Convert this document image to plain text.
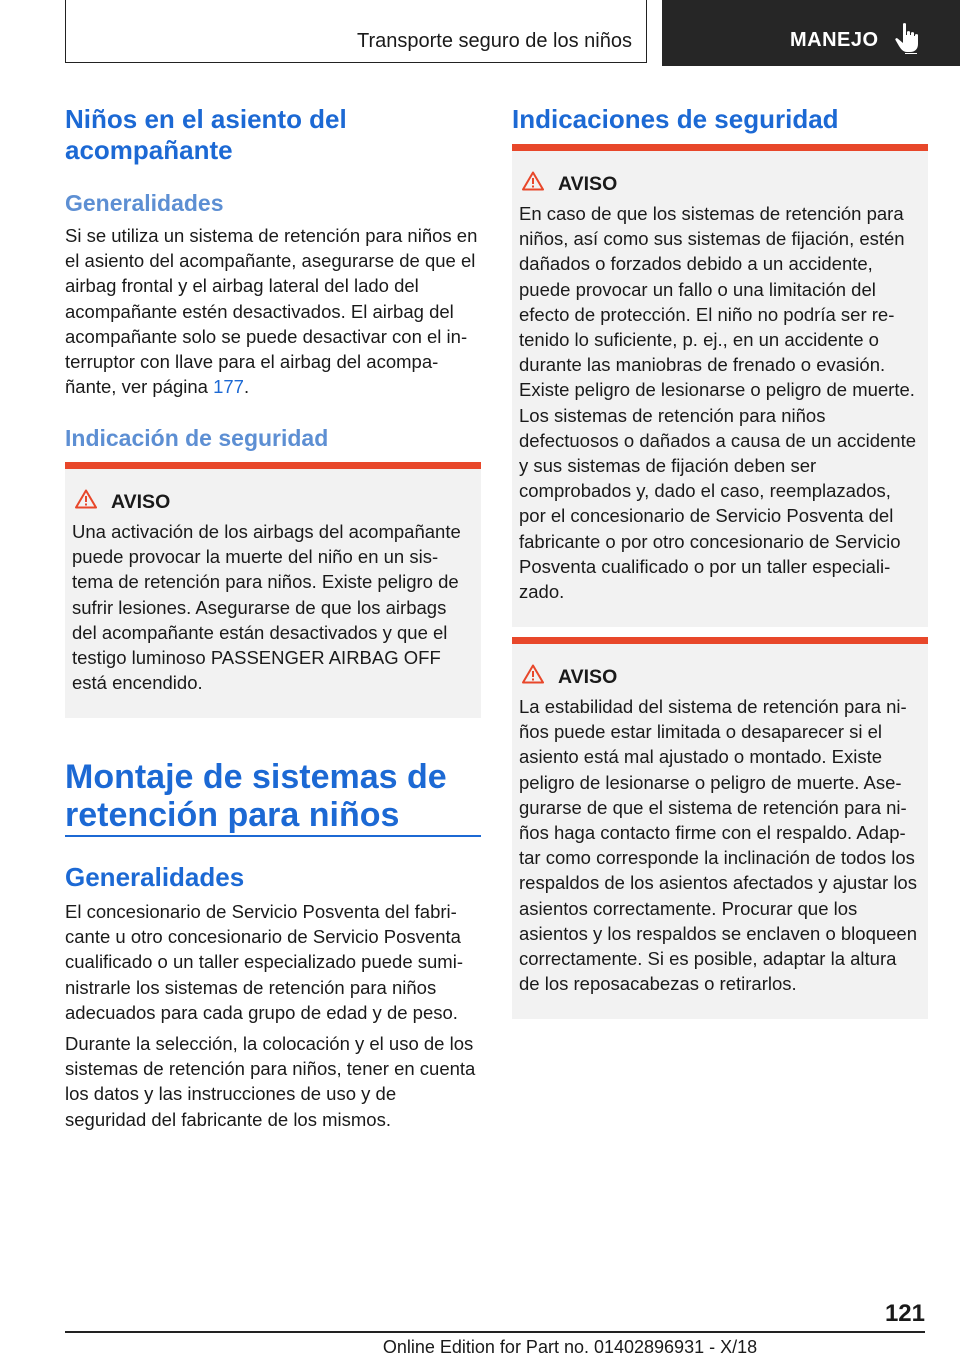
Transporte seguro de los niños	MANEJO
Niños en el asiento del acompañante
Generalidades

Si se utiliza un sistema de retención para niños en el asiento del acompañante, asegurarse de que el airbag frontal y el airbag lateral del lado del acompañante estén desactivados. El airbag del acompañante solo se puede desactivar con el interruptor con llave para el airbag del acompañante, ver página 177.

Indicación de seguridad
AVISO

Una activación de los airbags del acompañante puede provocar la muerte del niño en un sistema de retención para niños. Existe peligro de sufrir lesiones. Asegurarse de que los airbags del acompañante están desactivados y que el testigo luminoso PASSENGER AIRBAG OFF está encendido.

Montaje de sistemas de retención para niños
Generalidades

El concesionario de Servicio Posventa del fabricante u otro concesionario de Servicio Posventa cualificado o un taller especializado puede suministrarle los sistemas de retención para niños adecuados para cada grupo de edad y de peso.

Durante la selección, la colocación y el uso de los sistemas de retención para niños, tener en cuenta los datos y las instrucciones de uso y de seguridad del fabricante de los mismos.

Indicaciones de seguridad
AVISO

En caso de que los sistemas de retención para niños, así como sus sistemas de fijación, estén dañados o forzados debido a un accidente, puede provocar un fallo o una limitación del efecto de protección. El niño no podría ser retenido lo suficiente, p. ej., en un accidente o durante las maniobras de frenado o evasión. Existe peligro de lesionarse o peligro de muerte. Los sistemas de retención para niños defectuosos o dañados a causa de un accidente y sus sistemas de fijación deben ser comprobados y, dado el caso, reemplazados, por el concesionario de Servicio Posventa del fabricante o por otro concesionario de Servicio Posventa cualificado o por un taller especializado.

AVISO

La estabilidad del sistema de retención para niños puede estar limitada o desaparecer si el asiento está mal ajustado o montado. Existe peligro de lesionarse o peligro de muerte. Asegurarse de que el sistema de retención para niños haga contacto firme con el respaldo. Adaptar como corresponde la inclinación de todos los respaldos de los asientos afectados y ajustar los asientos correctamente. Procurar que los asientos y los respaldos se enclaven o bloqueen correctamente. Si es posible, adaptar la altura de los reposacabezas o retirarlos.

121
Online Edition for Part no. 01402896931 - X/18
